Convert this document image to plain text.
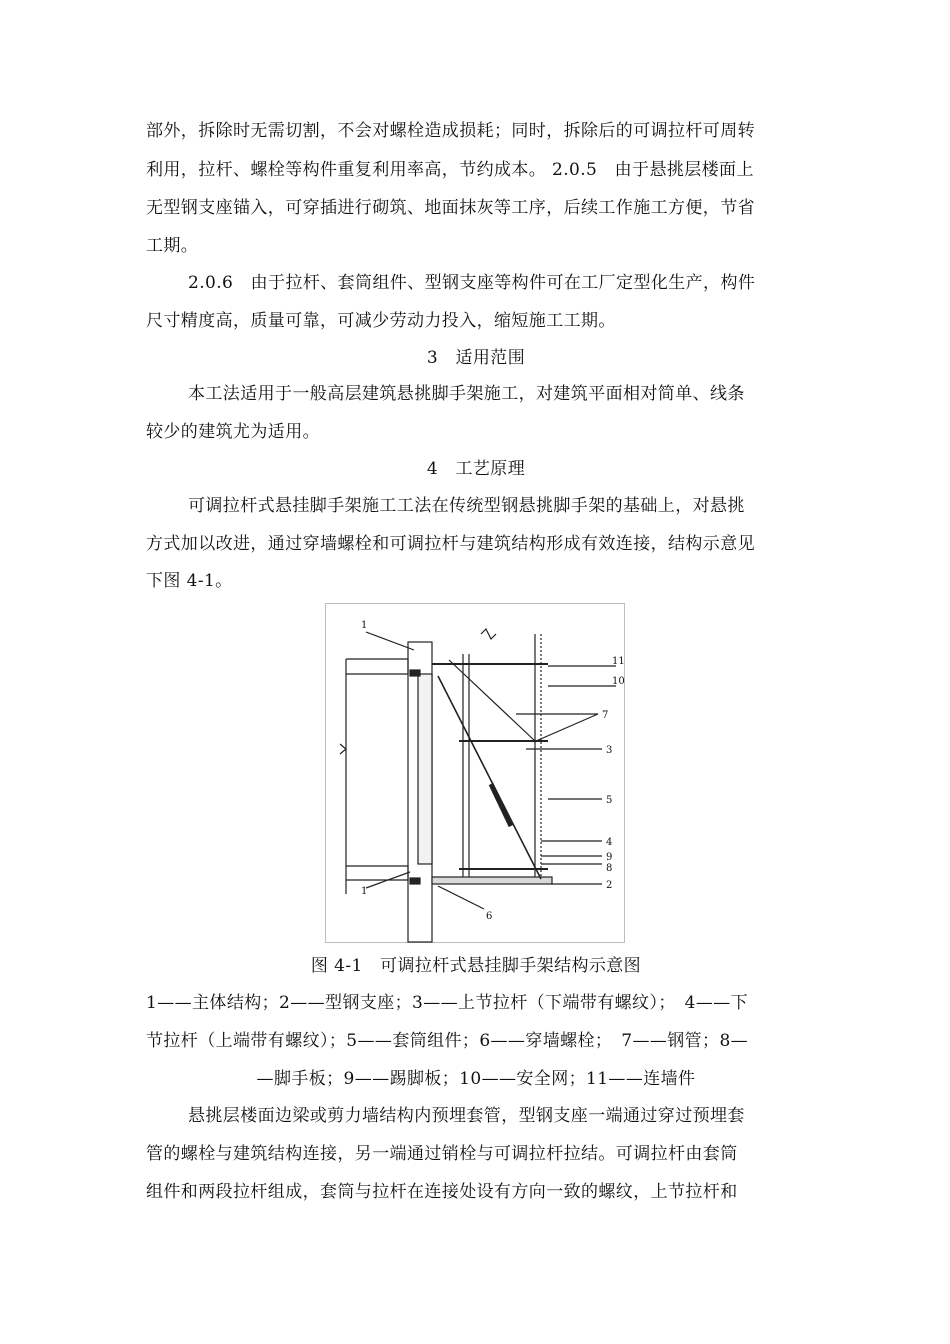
部外，拆除时无需切割，不会对螺栓造成损耗；同时，拆除后的可调拉杆可周转
利用，拉杆、螺栓等构件重复利用率高，节约成本。 2.0.5　由于悬挑层楼面上
无型钢支座锚入，可穿插进行砌筑、地面抹灰等工序，后续工作施工方便，节省
工期。
2.0.6　由于拉杆、套筒组件、型钢支座等构件可在工厂定型化生产，构件
尺寸精度高，质量可靠，可减少劳动力投入，缩短施工工期。
3　适用范围
本工法适用于一般高层建筑悬挑脚手架施工，对建筑平面相对简单、线条
较少的建筑尤为适用。
4　工艺原理
可调拉杆式悬挂脚手架施工工法在传统型钢悬挑脚手架的基础上，对悬挑
方式加以改进，通过穿墙螺栓和可调拉杆与建筑结构形成有效连接，结构示意见
下图 4-1。
1
11
10
7
3
5
4
9
8
2
1
6
图 4-1　可调拉杆式悬挂脚手架结构示意图
1——主体结构；2——型钢支座；3——上节拉杆（下端带有螺纹）；　4——下
节拉杆（上端带有螺纹）；5——套筒组件；6——穿墙螺栓；　7——钢管；8—
—脚手板；9——踢脚板；10——安全网；11——连墙件
悬挑层楼面边梁或剪力墙结构内预埋套管，型钢支座一端通过穿过预埋套
管的螺栓与建筑结构连接，另一端通过销栓与可调拉杆拉结。可调拉杆由套筒
组件和两段拉杆组成，套筒与拉杆在连接处设有方向一致的螺纹，上节拉杆和
